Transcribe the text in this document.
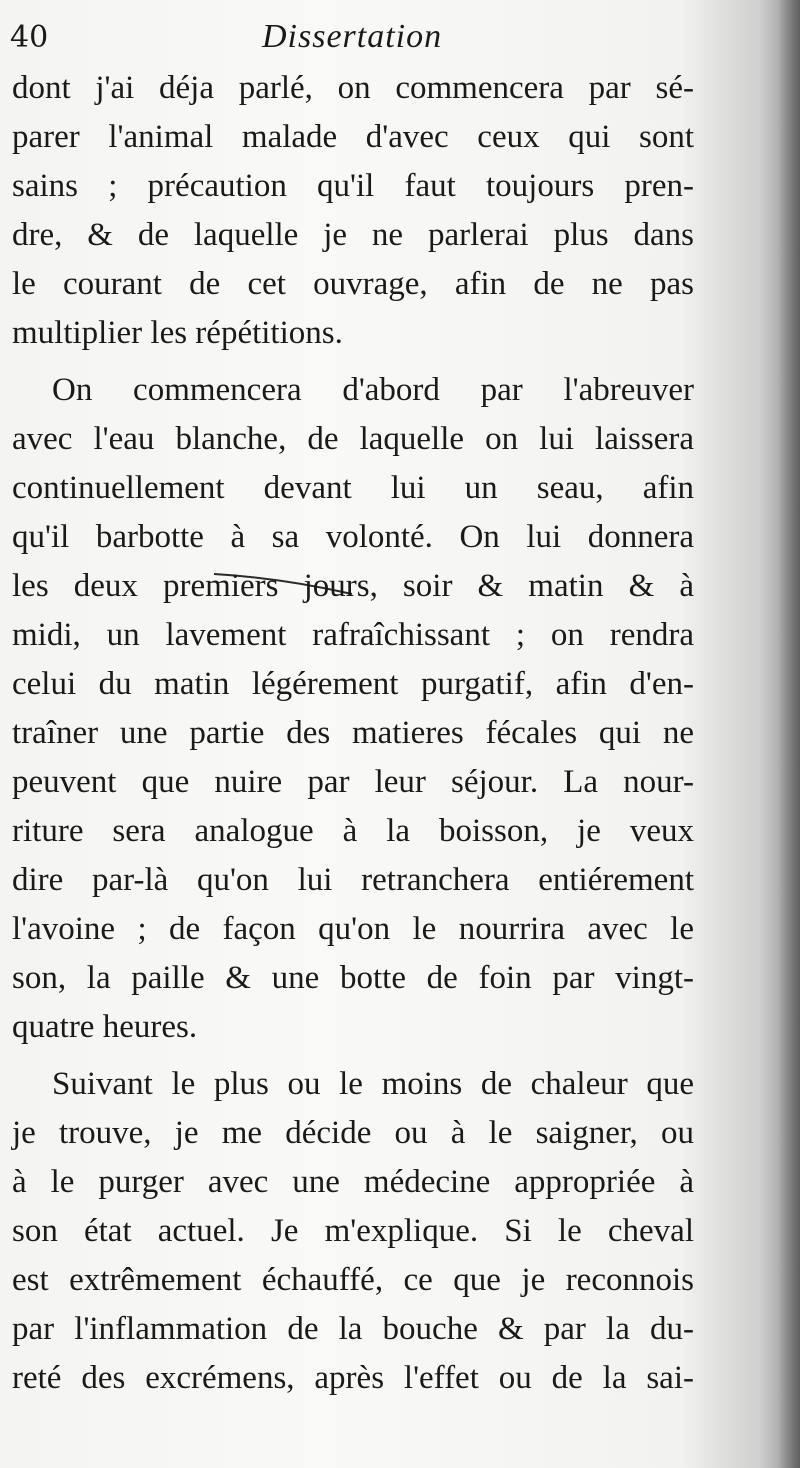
40	Dissertation
dont j'ai déja parlé, on commencera par sé-
parer l'animal malade d'avec ceux qui sont
sains ; précaution qu'il faut toujours pren-
dre, & de laquelle je ne parlerai plus dans
le courant de cet ouvrage, afin de ne pas
multiplier les répétitions.
On commencera d'abord par l'abreuver
avec l'eau blanche, de laquelle on lui laissera
continuellement devant lui un seau, afin
qu'il barbotte à sa volonté. On lui donnera
les deux premiers jours, soir & matin & à
midi, un lavement rafraîchissant ; on rendra
celui du matin légérement purgatif, afin d'en-
traîner une partie des matieres fécales qui ne
peuvent que nuire par leur séjour. La nour-
riture sera analogue à la boisson, je veux
dire par-là qu'on lui retranchera entiérement
l'avoine ; de façon qu'on le nourrira avec le
son, la paille & une botte de foin par vingt-
quatre heures.
Suivant le plus ou le moins de chaleur que
je trouve, je me décide ou à le saigner, ou
à le purger avec une médecine appropriée à
son état actuel. Je m'explique. Si le cheval
est extrêmement échauffé, ce que je reconnois
par l'inflammation de la bouche & par la du-
reté des excrémens, après l'effet ou de la sai-
